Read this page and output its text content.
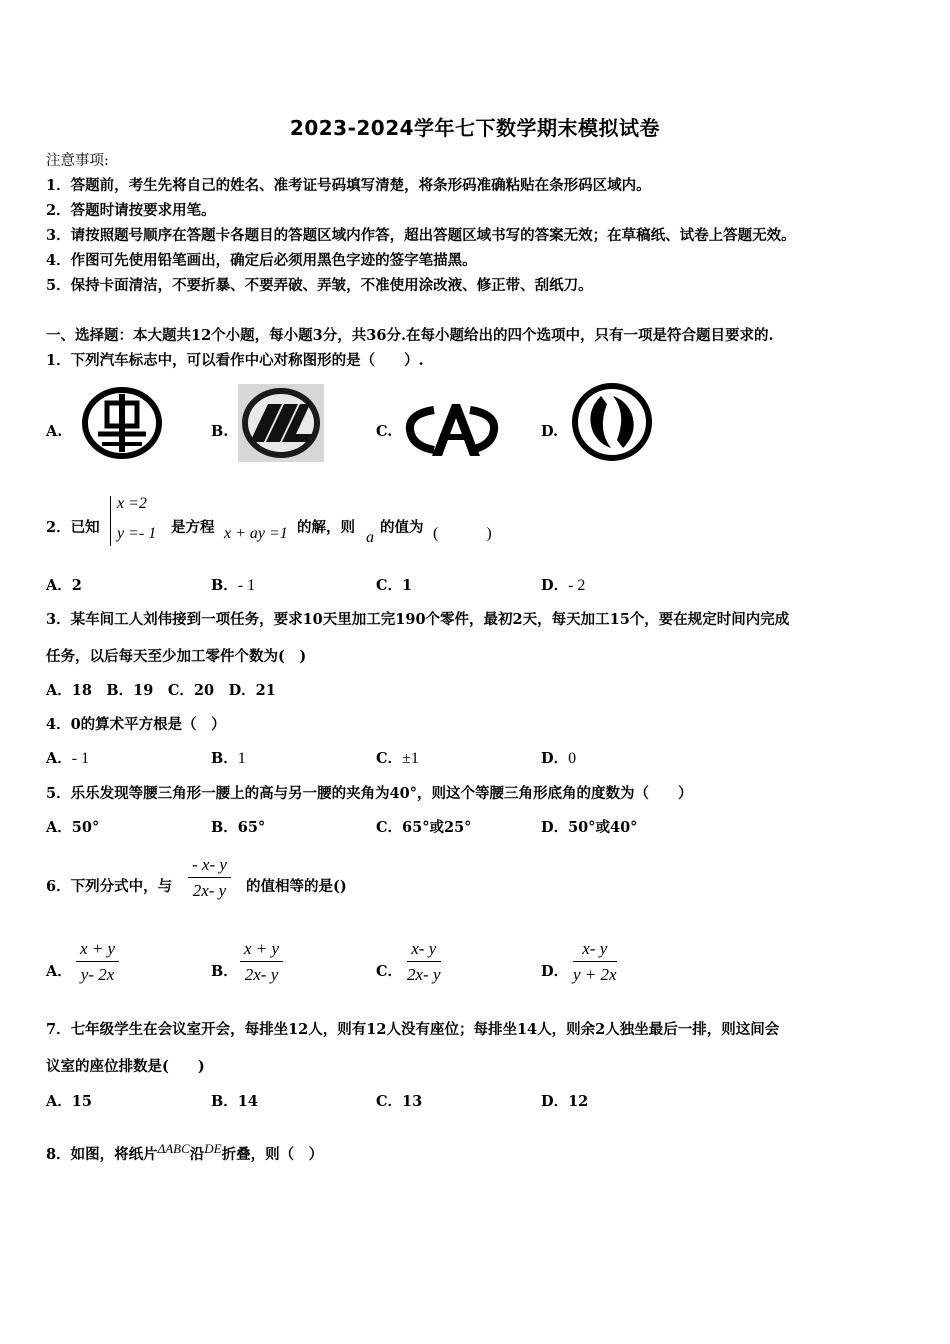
2023-2024学年七下数学期末模拟试卷
注意事项:
1．答题前，考生先将自己的姓名、准考证号码填写清楚，将条形码准确粘贴在条形码区域内。
2．答题时请按要求用笔。
3．请按照题号顺序在答题卡各题目的答题区域内作答，超出答题区域书写的答案无效；在草稿纸、试卷上答题无效。
4．作图可先使用铅笔画出，确定后必须用黑色字迹的签字笔描黑。
5．保持卡面清洁，不要折暴、不要弄破、弄皱，不准使用涂改液、修正带、刮纸刀。
一、选择题：本大题共12个小题，每小题3分，共36分.在每小题给出的四个选项中，只有一项是符合题目要求的.
1．下列汽车标志中，可以看作中心对称图形的是（　　）.
A.	B.	C.	D.
2．已知
x =2
y =- 1 是方程 x + ay =1 的解，则
a
的值为 (　　　)
A．2	B．- 1	C．1	D．- 2
3．某车间工人刘伟接到一项任务，要求10天里加工完190个零件，最初2天，每天加工15个，要在规定时间内完成
任务，以后每天至少加工零件个数为(　)
A．18　B．19　C．20　D．21
4．0的算术平方根是（　）
A．- 1	B．1	C．±1	D．0
5．乐乐发现等腰三角形一腰上的高与另一腰的夹角为40°，则这个等腰三角形底角的度数为（　　）
A．50°	B．65°	C．65°或25°	D．50°或40°
6．下列分式中，与 $\frac{- x- y}{2x- y}$ 的值相等的是()
A． $\frac{x + y}{y- 2x}$	B． $\frac{x + y}{2x- y}$	C． $\frac{x- y}{2x- y}$	D． $\frac{x- y}{y + 2x}$
7．七年级学生在会议室开会，每排坐12人，则有12人没有座位；每排坐14人，则余2人独坐最后一排，则这间会
议室的座位排数是(　　)
A．15	B．14	C．13	D．12
8．如图，将纸片ΔABC沿DE折叠，则（　）
